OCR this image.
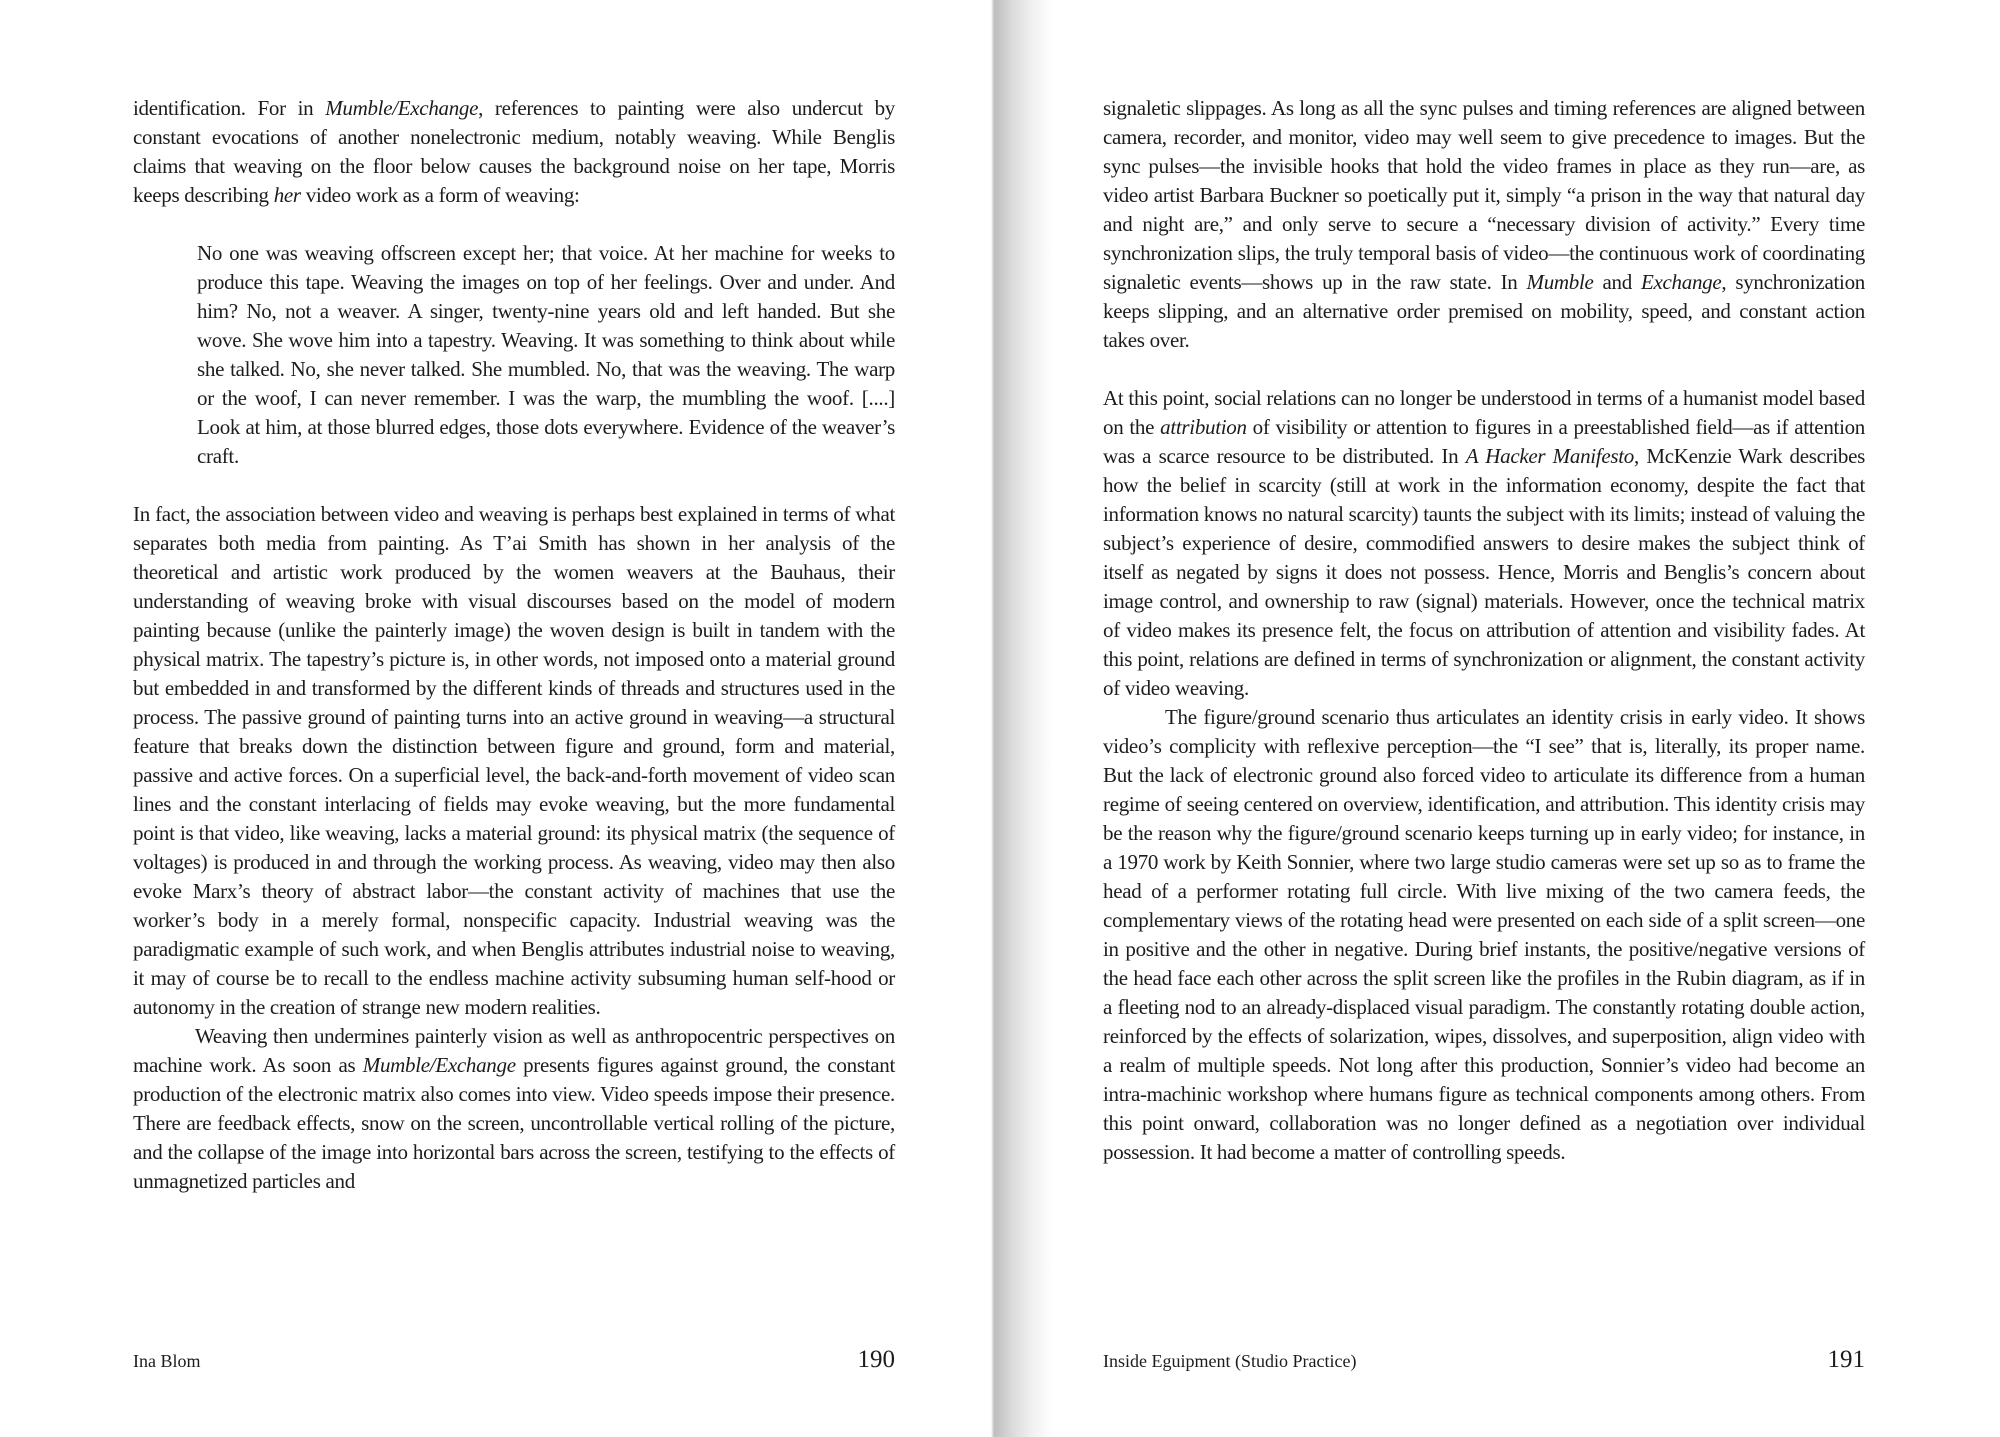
identification. For in Mumble/Exchange, references to painting were also undercut by constant evocations of another nonelectronic medium, notably weaving. While Benglis claims that weaving on the floor below causes the background noise on her tape, Morris keeps describing her video work as a form of weaving:

No one was weaving offscreen except her; that voice. At her machine for weeks to produce this tape. Weaving the images on top of her feelings. Over and under. And him? No, not a weaver. A singer, twenty-nine years old and left handed. But she wove. She wove him into a tapestry. Weaving. It was something to think about while she talked. No, she never talked. She mumbled. No, that was the weaving. The warp or the woof, I can never remember. I was the warp, the mumbling the woof. [....] Look at him, at those blurred edges, those dots everywhere. Evidence of the weaver’s craft.

In fact, the association between video and weaving is perhaps best explained in terms of what separates both media from painting. As T’ai Smith has shown in her analysis of the theoretical and artistic work produced by the women weavers at the Bauhaus, their understanding of weaving broke with visual discourses based on the model of modern painting because (unlike the painterly image) the woven design is built in tandem with the physical matrix. The tapestry’s picture is, in other words, not imposed onto a material ground but embedded in and transformed by the different kinds of threads and structures used in the process. The passive ground of painting turns into an active ground in weaving—a structural feature that breaks down the distinction between figure and ground, form and material, passive and active forces. On a superficial level, the back-and-forth movement of video scan lines and the constant interlacing of fields may evoke weaving, but the more fundamental point is that video, like weaving, lacks a material ground: its physical matrix (the sequence of voltages) is produced in and through the working process. As weaving, video may then also evoke Marx’s theory of abstract labor—the constant activity of machines that use the worker’s body in a merely formal, nonspecific capacity. Industrial weaving was the paradigmatic example of such work, and when Benglis attributes industrial noise to weaving, it may of course be to recall to the endless machine activity subsuming human self-hood or autonomy in the creation of strange new modern realities.

Weaving then undermines painterly vision as well as anthropocentric perspectives on machine work. As soon as Mumble/Exchange presents figures against ground, the constant production of the electronic matrix also comes into view. Video speeds impose their presence. There are feedback effects, snow on the screen, uncontrollable vertical rolling of the picture, and the collapse of the image into horizontal bars across the screen, testifying to the effects of unmagnetized particles and

signaletic slippages. As long as all the sync pulses and timing references are aligned between camera, recorder, and monitor, video may well seem to give precedence to images. But the sync pulses—the invisible hooks that hold the video frames in place as they run—are, as video artist Barbara Buckner so poetically put it, simply “a prison in the way that natural day and night are,” and only serve to secure a “necessary division of activity.” Every time synchronization slips, the truly temporal basis of video—the continuous work of coordinating signaletic events—shows up in the raw state. In Mumble and Exchange, synchronization keeps slipping, and an alternative order premised on mobility, speed, and constant action takes over.

At this point, social relations can no longer be understood in terms of a humanist model based on the attribution of visibility or attention to figures in a preestablished field—as if attention was a scarce resource to be distributed. In A Hacker Manifesto, McKenzie Wark describes how the belief in scarcity (still at work in the information economy, despite the fact that information knows no natural scarcity) taunts the subject with its limits; instead of valuing the subject’s experience of desire, commodified answers to desire makes the subject think of itself as negated by signs it does not possess. Hence, Morris and Benglis’s concern about image control, and ownership to raw (signal) materials. However, once the technical matrix of video makes its presence felt, the focus on attribution of attention and visibility fades. At this point, relations are defined in terms of synchronization or alignment, the constant activity of video weaving.

The figure/ground scenario thus articulates an identity crisis in early video. It shows video’s complicity with reflexive perception—the “I see” that is, literally, its proper name. But the lack of electronic ground also forced video to articulate its difference from a human regime of seeing centered on overview, identification, and attribution. This identity crisis may be the reason why the figure/ground scenario keeps turning up in early video; for instance, in a 1970 work by Keith Sonnier, where two large studio cameras were set up so as to frame the head of a performer rotating full circle. With live mixing of the two camera feeds, the complementary views of the rotating head were presented on each side of a split screen—one in positive and the other in negative. During brief instants, the positive/negative versions of the head face each other across the split screen like the profiles in the Rubin diagram, as if in a fleeting nod to an already-displaced visual paradigm. The constantly rotating double action, reinforced by the effects of solarization, wipes, dissolves, and superposition, align video with a realm of multiple speeds. Not long after this production, Sonnier’s video had become an intra-machinic workshop where humans figure as technical components among others. From this point onward, collaboration was no longer defined as a negotiation over individual possession. It had become a matter of controlling speeds.

Ina Blom	190	Inside Eguipment (Studio Practice)	191
